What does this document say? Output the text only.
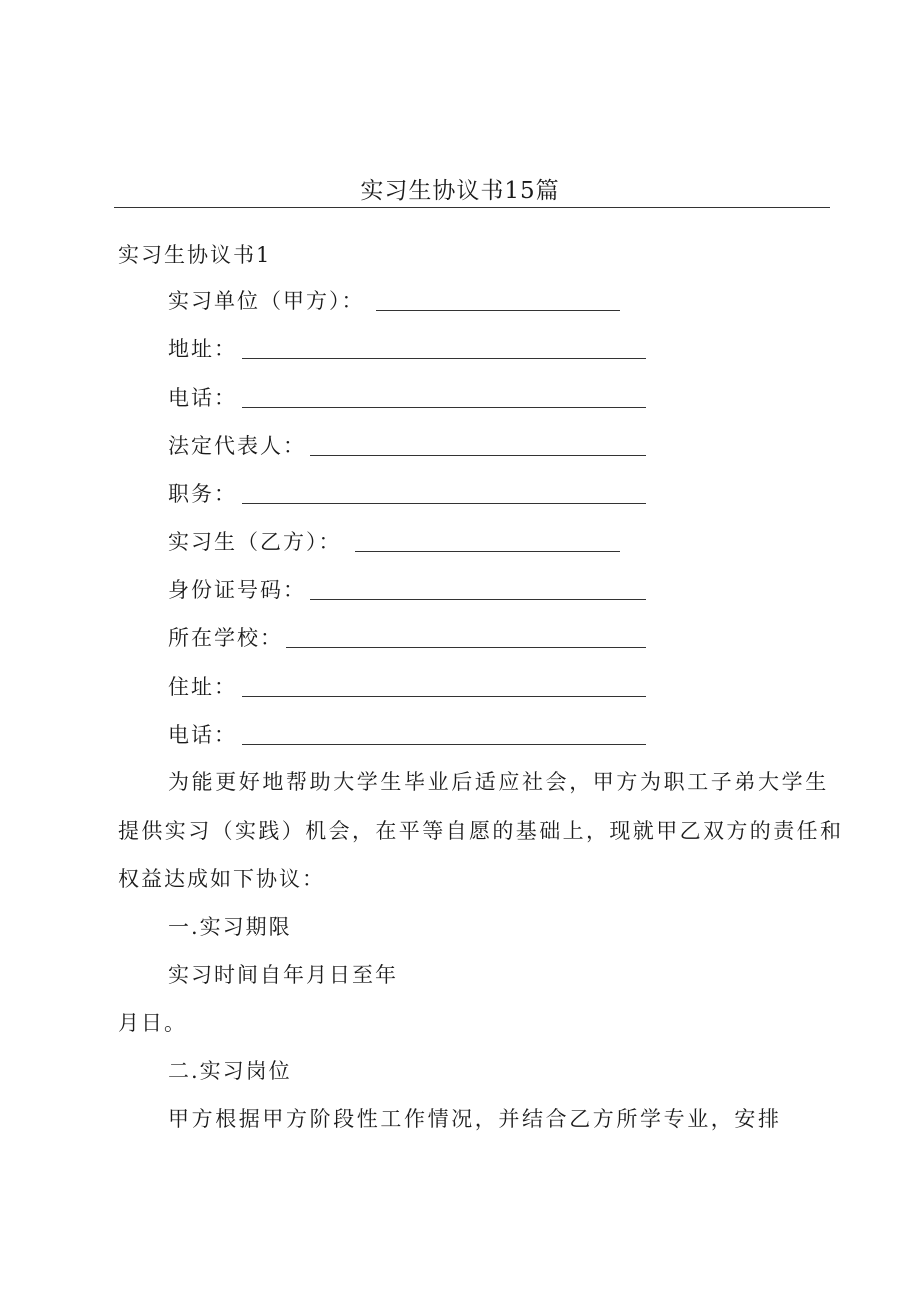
实习生协议书15篇
实习生协议书1
实习单位（甲方）：
地址：
电话：
法定代表人：
职务：
实习生（乙方）：
身份证号码：
所在学校：
住址：
电话：
为能更好地帮助大学生毕业后适应社会，甲方为职工子弟大学生
提供实习（实践）机会，在平等自愿的基础上，现就甲乙双方的责任和
权益达成如下协议：
一.实习期限
实习时间自年月日至年
月日。
二.实习岗位
甲方根据甲方阶段性工作情况，并结合乙方所学专业，安排
